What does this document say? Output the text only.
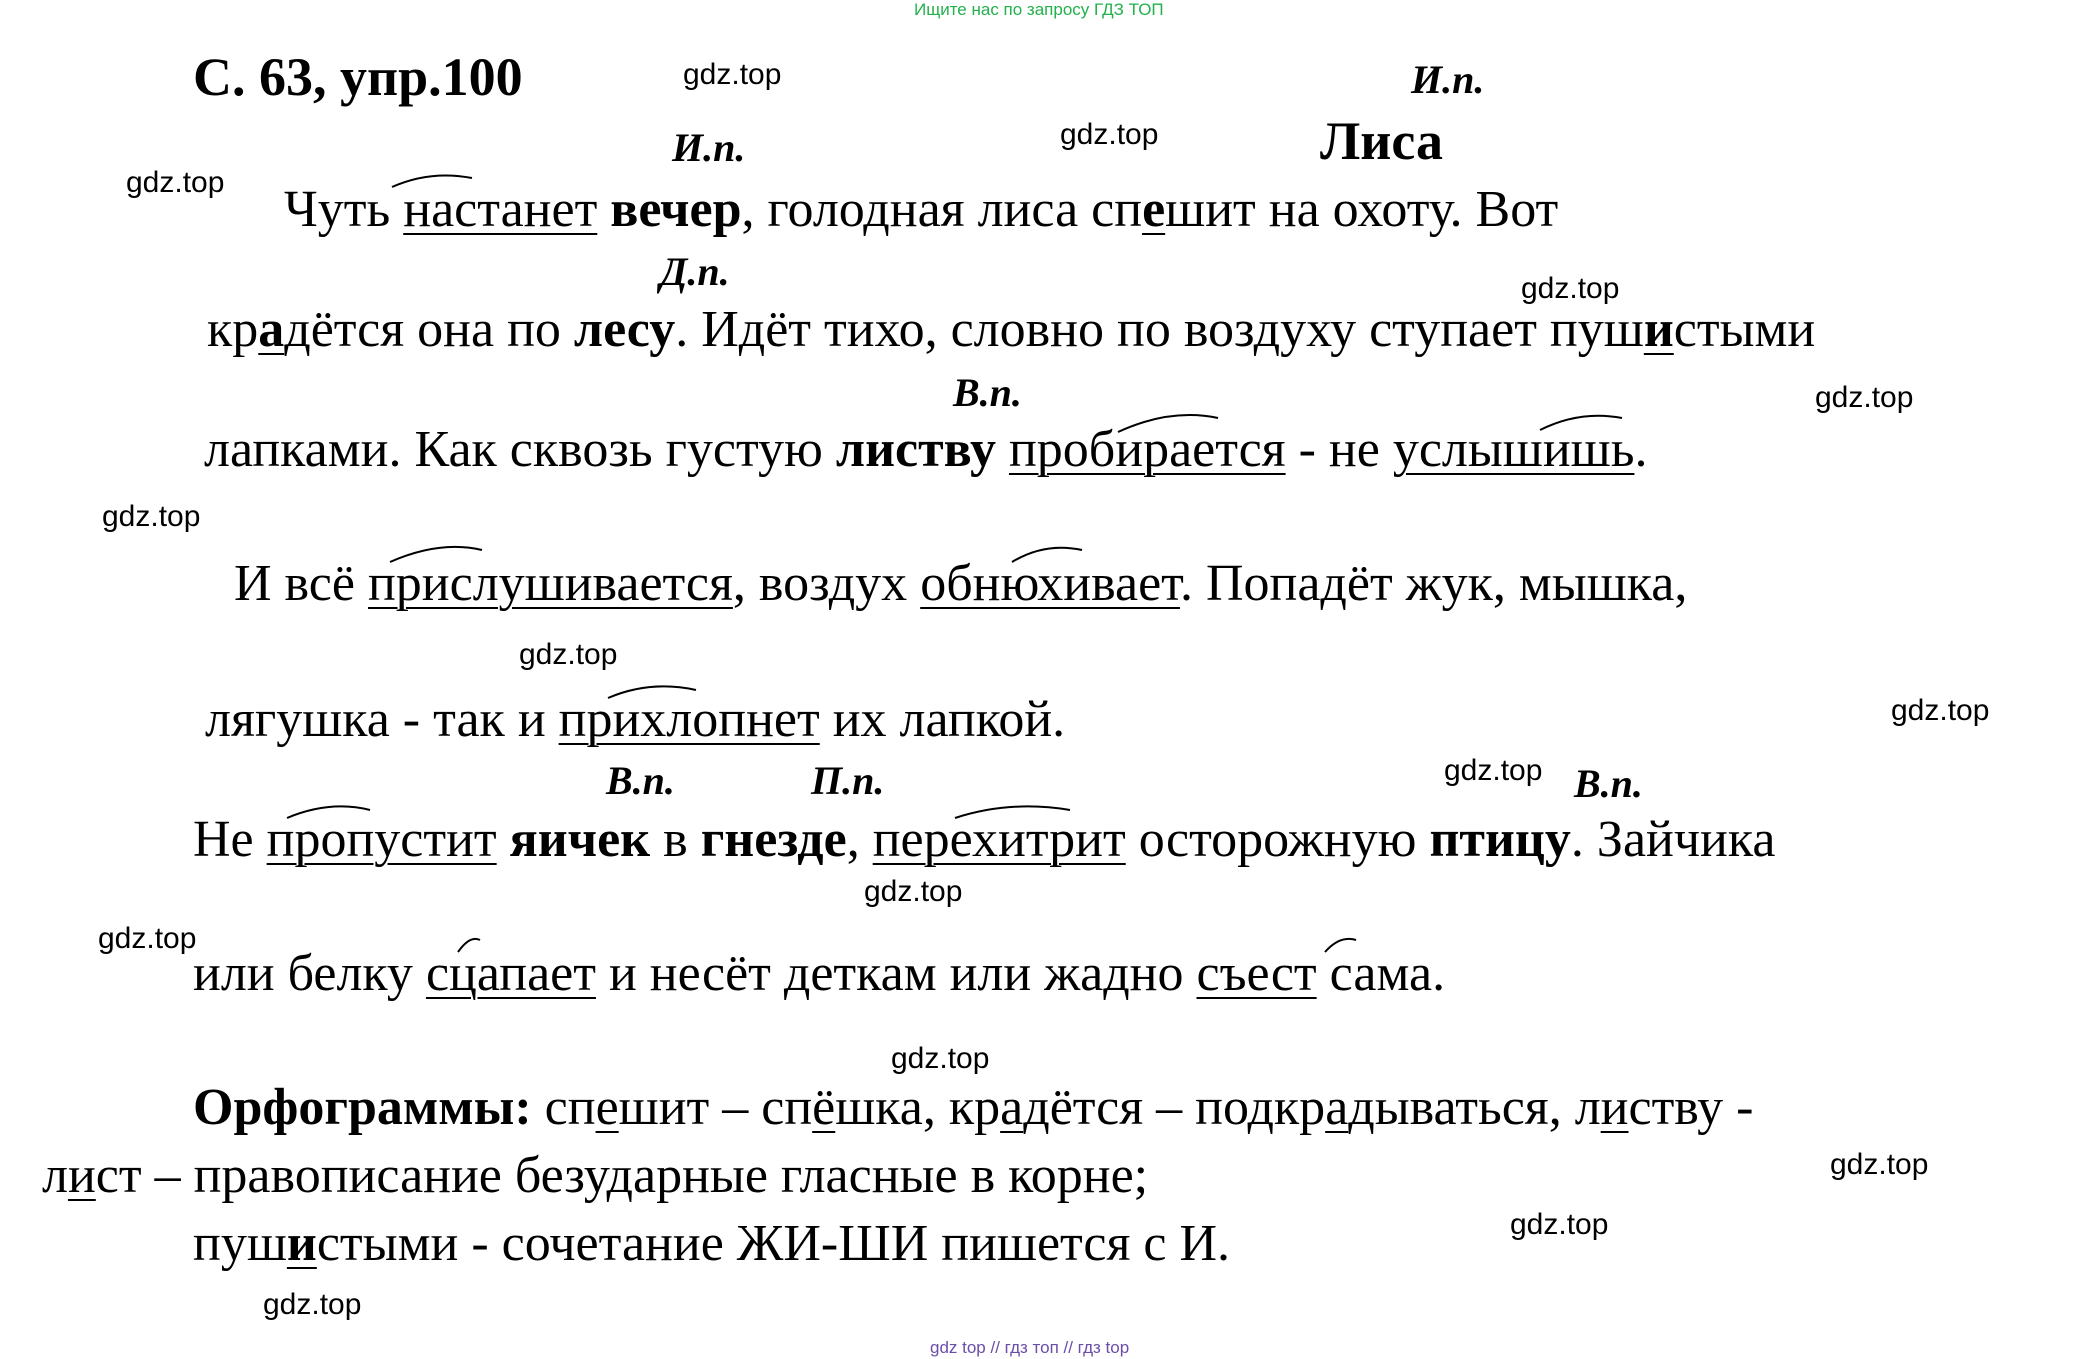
Ищите нас по запросу ГДЗ ТОП
С. 63, упр.100	gdz.top
gdz.top
gdz.top
gdz.top
gdz.top
gdz.top
gdz.top
gdz.top
gdz.top
gdz.top
gdz.top
gdz.top
gdz.top
gdz.top
gdz.top
И.п.
И.п.
Д.п.
В.п.
В.п.	П.п.	В.п.
Лиса
Чуть настанет вечер, голодная лиса спешит на охоту. Вот
крадётся она по лесу. Идёт тихо, словно по воздуху ступает пушистыми
лапками. Как сквозь густую листву пробирается - не услышишь.
И всё прислушивается, воздух обнюхивает. Попадёт жук, мышка,
лягушка - так и прихлопнет их лапкой.
Не пропустит яичек в гнезде, перехитрит осторожную птицу. Зайчика
или белку сцапает и несёт деткам или жадно съест сама.
Орфограммы: спешит – спёшка, крадётся – подкрадываться, листву -
лист – правописание безударные гласные в корне;
пушистыми - сочетание ЖИ-ШИ пишется с И.
gdz top // гдз топ // гдз top
